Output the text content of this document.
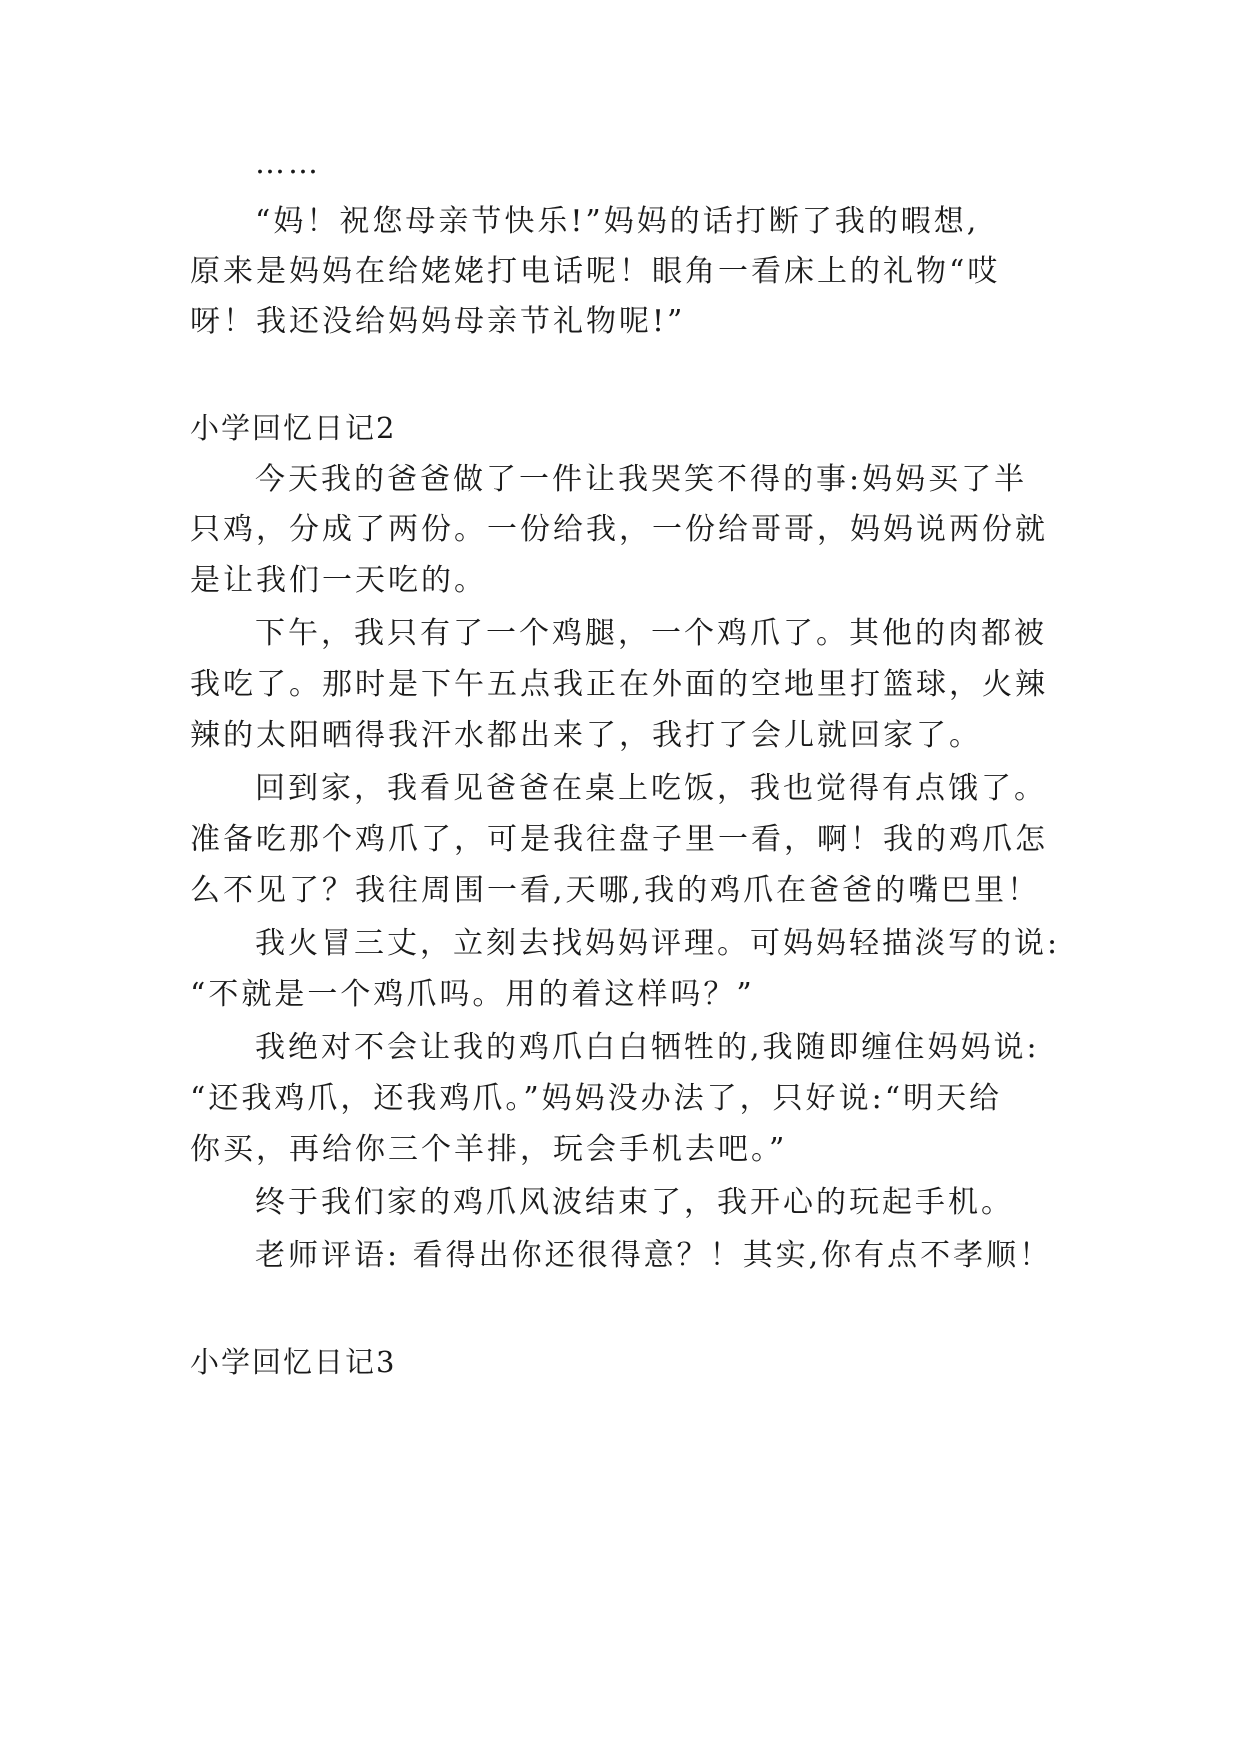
……
“妈！祝您母亲节快乐!”妈妈的话打断了我的暇想,
原来是妈妈在给姥姥打电话呢！眼角一看床上的礼物“哎
呀！我还没给妈妈母亲节礼物呢!”
小学回忆日记2
今天我的爸爸做了一件让我哭笑不得的事:妈妈买了半
只鸡，分成了两份。一份给我，一份给哥哥，妈妈说两份就
是让我们一天吃的。
下午，我只有了一个鸡腿，一个鸡爪了。其他的肉都被
我吃了。那时是下午五点我正在外面的空地里打篮球，火辣
辣的太阳晒得我汗水都出来了，我打了会儿就回家了。
回到家，我看见爸爸在桌上吃饭，我也觉得有点饿了。
准备吃那个鸡爪了，可是我往盘子里一看，啊！我的鸡爪怎
么不见了？我往周围一看,天哪,我的鸡爪在爸爸的嘴巴里！
我火冒三丈，立刻去找妈妈评理。可妈妈轻描淡写的说:
“不就是一个鸡爪吗。用的着这样吗？”
我绝对不会让我的鸡爪白白牺牲的,我随即缠住妈妈说:
“还我鸡爪，还我鸡爪。”妈妈没办法了，只好说:“明天给
你买，再给你三个羊排，玩会手机去吧。”
终于我们家的鸡爪风波结束了，我开心的玩起手机。
老师评语: 看得出你还很得意？！其实,你有点不孝顺！
小学回忆日记3
